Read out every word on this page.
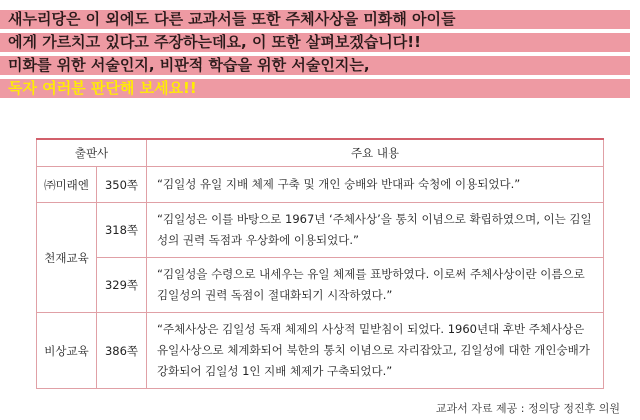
새누리당은 이 외에도 다른 교과서들 또한 주체사상을 미화해 아이들
에게 가르치고 있다고 주장하는데요, 이 또한 살펴보겠습니다!!
미화를 위한 서술인지, 비판적 학습을 위한 서술인지는,
독자 여러분 판단해 보세요!!
출판사		주요 내용
㈜미래엔	350쪽	“김일성 유일 지배 체제 구축 및 개인 숭배와 반대파 숙청에 이용되었다.”
천재교육	318쪽	“김일성은 이를 바탕으로 1967년 ‘주체사상’을 통치 이념으로 확립하였으며, 이는 김일성의 권력 독점과 우상화에 이용되었다.”
	329쪽	“김일성을 수령으로 내세우는 유일 체제를 표방하였다. 이로써 주체사상이란 이름으로 김일성의 권력 독점이 절대화되기 시작하였다.”
비상교육	386쪽	“주체사상은 김일성 독재 체제의 사상적 밑받침이 되었다. 1960년대 후반 주체사상은 유일사상으로 체계화되어 북한의 통치 이념으로 자리잡았고, 김일성에 대한 개인숭배가 강화되어 김일성 1인 지배 체제가 구축되었다.”
교과서 자료 제공 : 정의당 정진후 의원
